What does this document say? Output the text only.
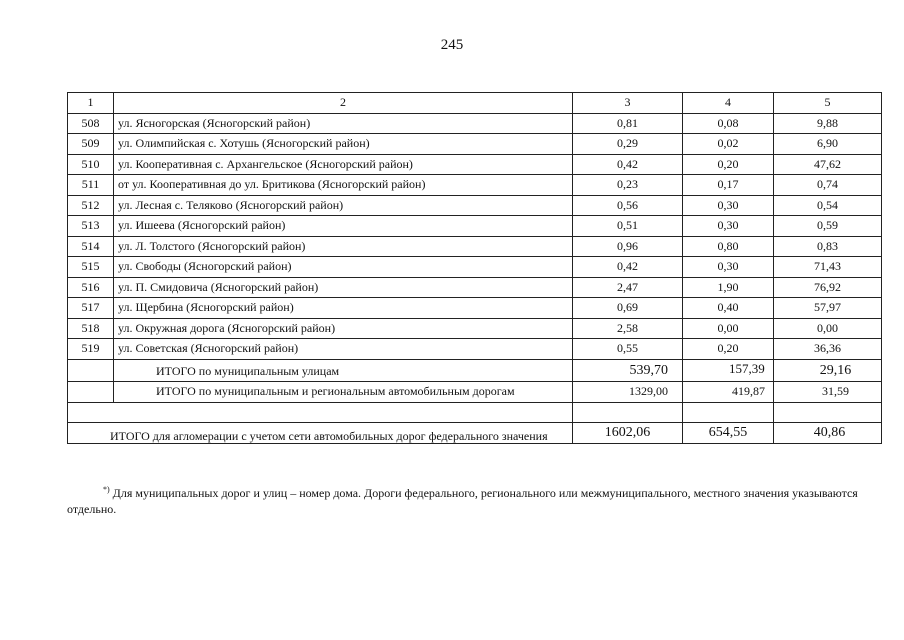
245
1	2	3	4	5
508	ул. Ясногорская (Ясногорский район)	0,81	0,08	9,88
509	ул. Олимпийская с. Хотушь (Ясногорский район)	0,29	0,02	6,90
510	ул. Кооперативная с. Архангельское (Ясногорский район)	0,42	0,20	47,62
511	от ул. Кооперативная до ул. Бритикова (Ясногорский район)	0,23	0,17	0,74
512	ул. Лесная с. Теляково (Ясногорский район)	0,56	0,30	0,54
513	ул. Ишеева (Ясногорский район)	0,51	0,30	0,59
514	ул. Л. Толстого (Ясногорский район)	0,96	0,80	0,83
515	ул. Свободы (Ясногорский район)	0,42	0,30	71,43
516	ул. П. Смидовича (Ясногорский район)	2,47	1,90	76,92
517	ул. Щербина (Ясногорский район)	0,69	0,40	57,97
518	ул. Окружная дорога (Ясногорский район)	2,58	0,00	0,00
519	ул. Советская (Ясногорский район)	0,55	0,20	36,36
	ИТОГО по муниципальным улицам	539,70	157,39	29,16
	ИТОГО по муниципальным и региональным автомобильным дорогам	1329,00	419,87	31,59

ИТОГО для агломерации с учетом сети автомобильных дорог федерального значения		1602,06	654,55	40,86
*) Для муниципальных дорог и улиц – номер дома. Дороги федерального, регионального или межмуниципального, местного значения указываются отдельно.
